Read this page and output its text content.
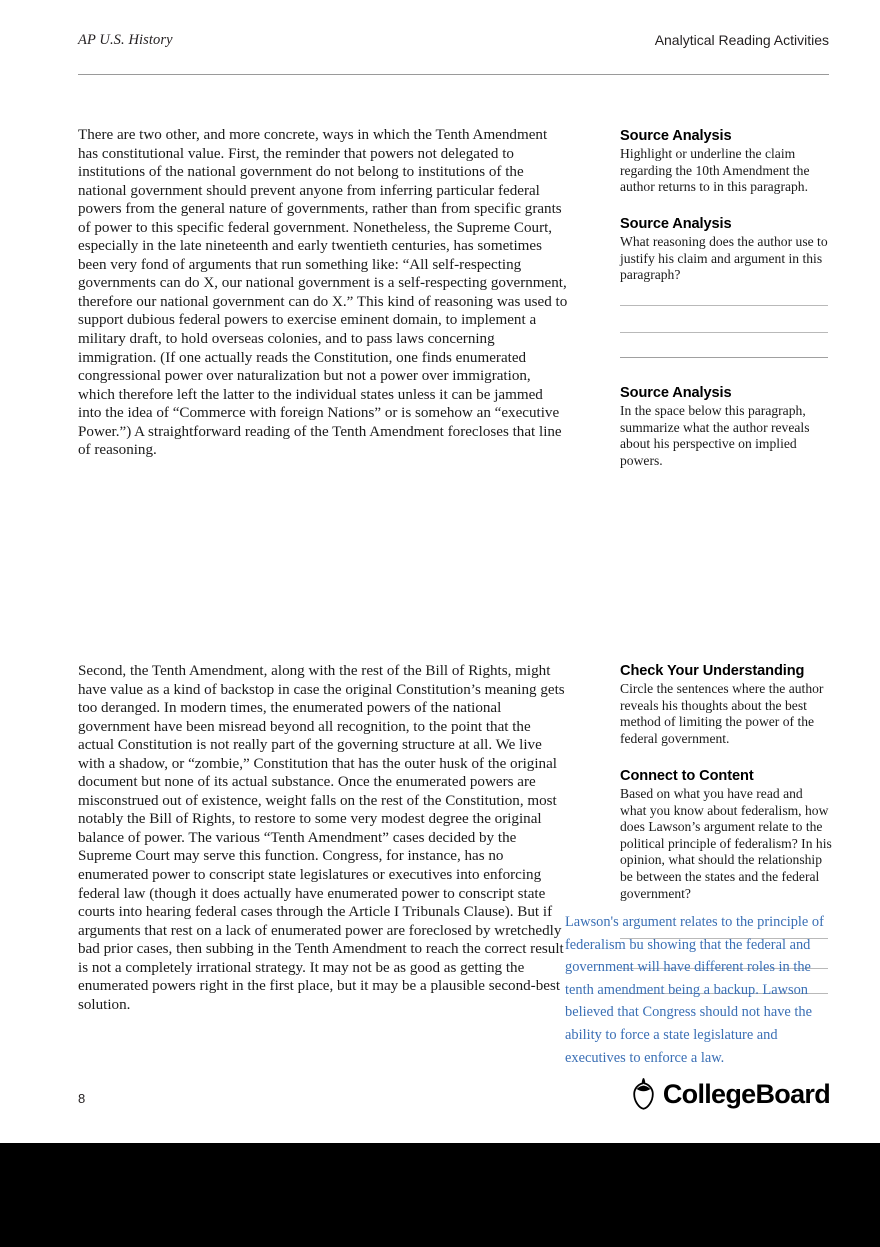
AP U.S. History	Analytical Reading Activities
There are two other, and more concrete, ways in which the Tenth Amendment has constitutional value. First, the reminder that powers not delegated to institutions of the national government do not belong to institutions of the national government should prevent anyone from inferring particular federal powers from the general nature of governments, rather than from specific grants of power to this specific federal government. Nonetheless, the Supreme Court, especially in the late nineteenth and early twentieth centuries, has sometimes been very fond of arguments that run something like: “All self-respecting governments can do X, our national government is a self-respecting government, therefore our national government can do X.” This kind of reasoning was used to support dubious federal powers to exercise eminent domain, to implement a military draft, to hold overseas colonies, and to pass laws concerning immigration. (If one actually reads the Constitution, one finds enumerated congressional power over naturalization but not a power over immigration, which therefore left the latter to the individual states unless it can be jammed into the idea of “Commerce with foreign Nations” or is somehow an “executive Power.”) A straightforward reading of the Tenth Amendment forecloses that line of reasoning.
Second, the Tenth Amendment, along with the rest of the Bill of Rights, might have value as a kind of backstop in case the original Constitution’s meaning gets too deranged. In modern times, the enumerated powers of the national government have been misread beyond all recognition, to the point that the actual Constitution is not really part of the governing structure at all. We live with a shadow, or “zombie,” Constitution that has the outer husk of the original document but none of its actual substance. Once the enumerated powers are misconstrued out of existence, weight falls on the rest of the Constitution, most notably the Bill of Rights, to restore to some very modest degree the original balance of power. The various “Tenth Amendment” cases decided by the Supreme Court may serve this function. Congress, for instance, has no enumerated power to conscript state legislatures or executives into enforcing federal law (though it does actually have enumerated power to conscript state courts into hearing federal cases through the Article I Tribunals Clause). But if arguments that rest on a lack of enumerated power are foreclosed by wretchedly bad prior cases, then subbing in the Tenth Amendment to reach the correct result is not a completely irrational strategy. It may not be as good as getting the enumerated powers right in the first place, but it may be a plausible second-best solution.

Source Analysis

Highlight or underline the claim regarding the 10th Amendment the author returns to in this paragraph.

Source Analysis

What reasoning does the author use to justify his claim and argument in this paragraph?

Source Analysis

In the space below this paragraph, summarize what the author reveals about his perspective on implied powers.

Check Your Understanding

Circle the sentences where the author reveals his thoughts about the best method of limiting the power of the federal government.

Connect to Content

Based on what you have read and what you know about federalism, how does Lawson’s argument relate to the political principle of federalism? In his opinion, what should the relationship be between the states and the federal government?

Lawson's argument relates to the principle of federalism bu showing that the federal and government will have different roles in the tenth amendment being a backup. Lawson believed that Congress should not have the ability to force a state legislature and executives to enforce a law.
8	CollegeBoard
